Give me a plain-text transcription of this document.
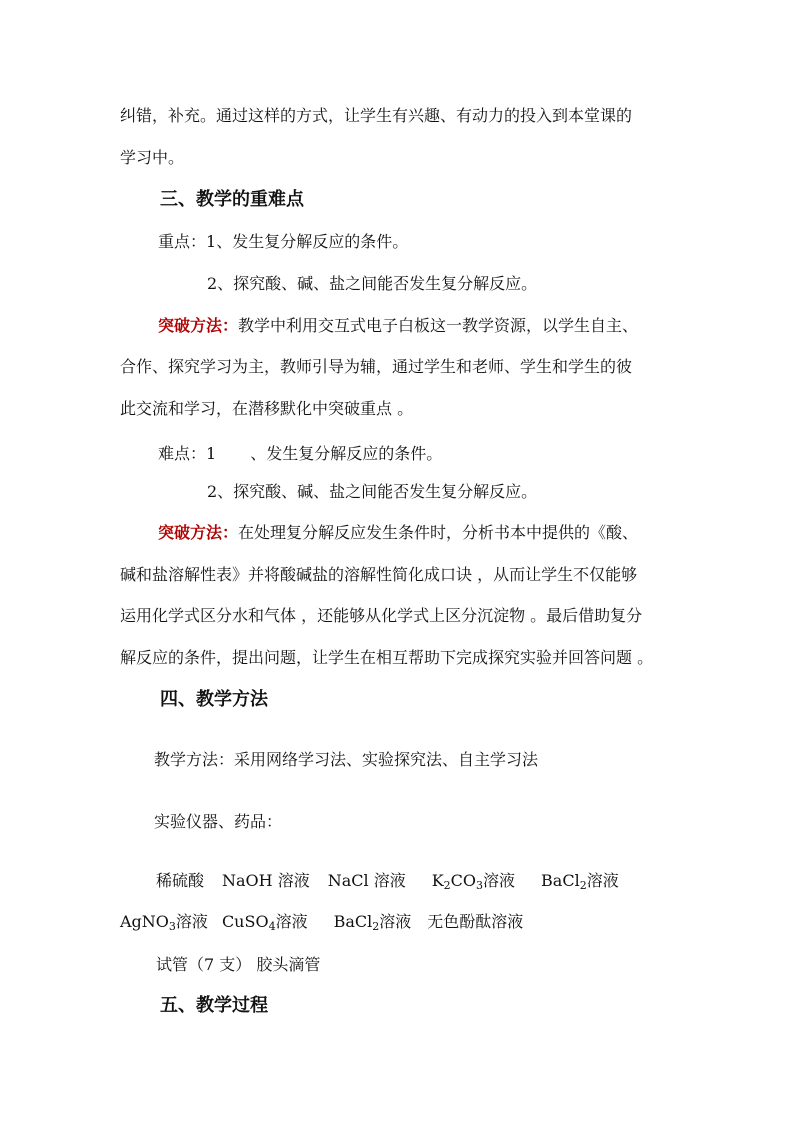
纠错，补充。通过这样的方式，让学生有兴趣、有动力的投入到本堂课的
学习中。
三、教学的重难点
重点：1、发生复分解反应的条件。
2、探究酸、碱、盐之间能否发生复分解反应。
突破方法：教学中利用交互式电子白板这一教学资源，以学生自主、
合作、探究学习为主，教师引导为辅，通过学生和老师、学生和学生的彼
此交流和学习，在潜移默化中突破重点 。
难点：1 、发生复分解反应的条件。
2、探究酸、碱、盐之间能否发生复分解反应。
突破方法：在处理复分解反应发生条件时，分析书本中提供的《酸、
碱和盐溶解性表》并将酸碱盐的溶解性简化成口诀 ，从而让学生不仅能够
运用化学式区分水和气体 ，还能够从化学式上区分沉淀物 。最后借助复分
解反应的条件，提出问题，让学生在相互帮助下完成探究实验并回答问题 。
四、教学方法
教学方法：采用网络学习法、实验探究法、自主学习法
实验仪器、药品：
稀硫酸 NaOH 溶液 NaCl 溶液 $K_2CO_3$溶液 BaCl$_2$溶液
AgNO$_3$溶液 CuSO$_4$溶液 BaCl$_2$溶液 无色酚酞溶液
试管（7 支） 胶头滴管
五、教学过程
